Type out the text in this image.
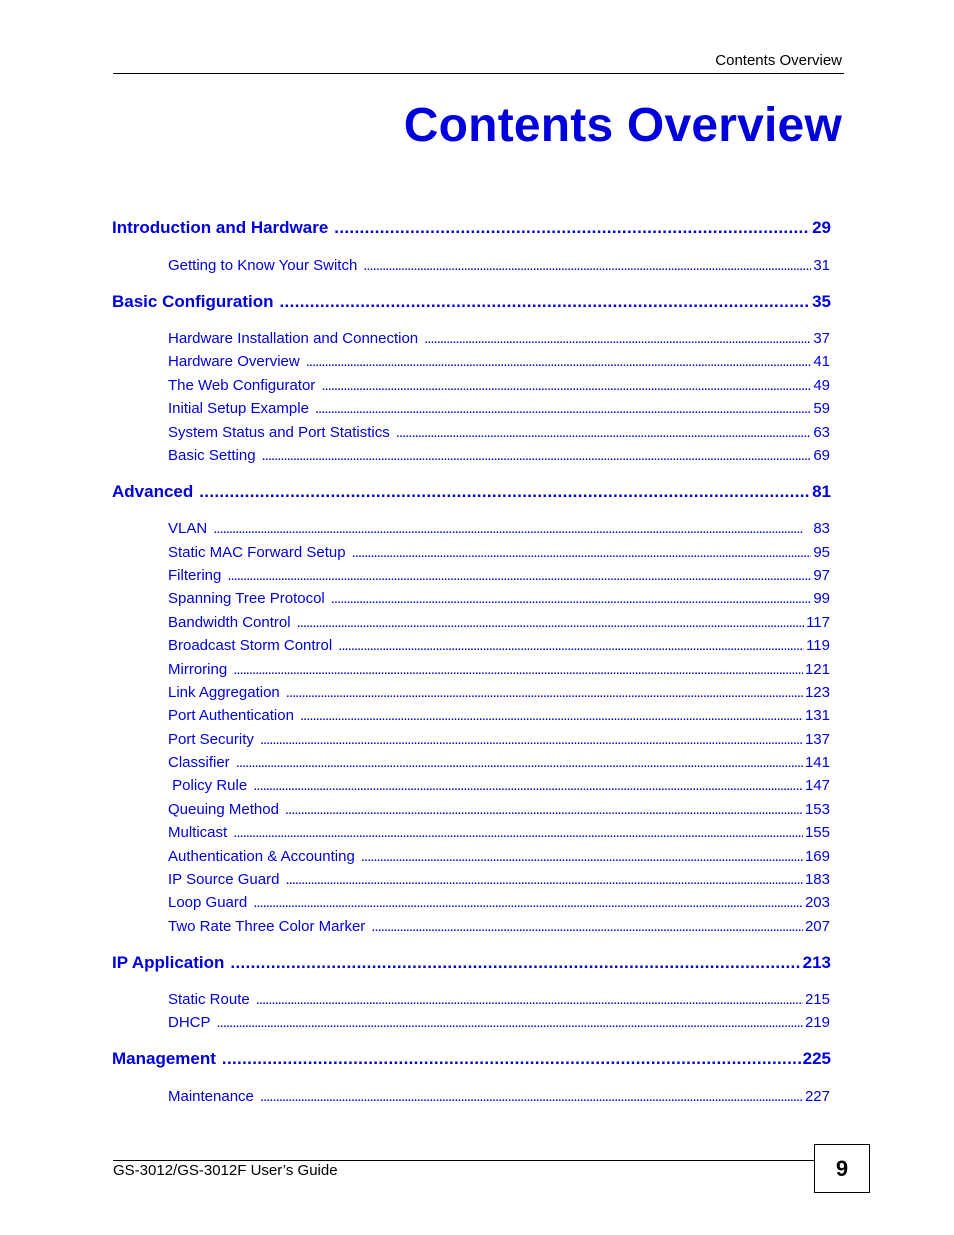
Contents Overview
Contents Overview
Introduction and Hardware . . .	29
Getting to Know Your Switch . . .	31
Basic Configuration . . .	35
Hardware Installation and Connection . . .	37
Hardware Overview . . .	41
The Web Configurator . . .	49
Initial Setup Example . . .	59
System Status and Port Statistics . . .	63
Basic Setting . . .	69
Advanced . . .	81
VLAN . . .	83
Static MAC Forward Setup . . .	95
Filtering . . .	97
Spanning Tree Protocol . . .	99
Bandwidth Control . . .	117
Broadcast Storm Control . . .	119
Mirroring . . .	121
Link Aggregation . . .	123
Port Authentication . . .	131
Port Security . . .	137
Classifier . . .	141
Policy Rule . . .	147
Queuing Method . . .	153
Multicast . . .	155
Authentication & Accounting . . .	169
IP Source Guard . . .	183
Loop Guard . . .	203
Two Rate Three Color Marker . . .	207
IP Application . . .	213
Static Route . . .	215
DHCP . . .	219
Management . . .	225
Maintenance . . .	227
GS-3012/GS-3012F User’s Guide	9
